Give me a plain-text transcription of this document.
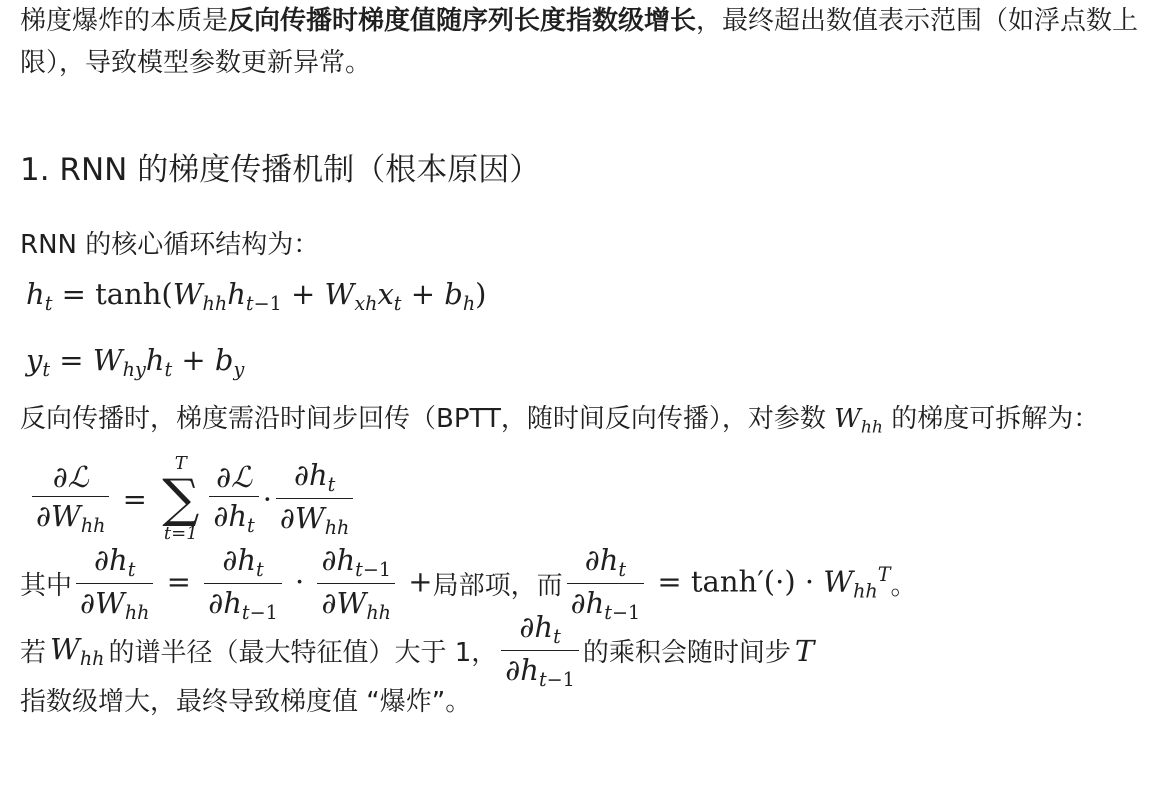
梯度爆炸的本质是反向传播时梯度值随序列长度指数级增长，最终超出数值表示范围（如浮点数上限），导致模型参数更新异常。

1. RNN 的梯度传播机制（根本原因）

RNN 的核心循环结构为：

$h_t = \tanh(W_{hh}h_{t-1} + W_{xh}x_t + b_h)$
$y_t = W_{hy}h_t + b_y$

反向传播时，梯度需沿时间步回传（BPTT，随时间反向传播），对参数 $W_{hh}$ 的梯度可拆解为：

$\frac{\text{∂ℒ}}{\partial W_{hh}}$ =
T
∑
$t=1 \frac{\text{∂ℒ}}{\partial h_t} \cdot \frac{\partial h_t}{\partial W_{hh}}$
其中 $\frac{\partial h_t}{\partial W_{hh}} = \frac{\partial h_t}{\partial h_{t-1}} \cdot \frac{\partial h_{t-1}}{\partial W_{hh}}$ + 局部项 ，而 $\frac{\partial h_t}{\partial h_{t-1}} = \tanh'(\cdot) \cdot W_{hh}^T$ 。
若 $W_{hh}$ 的谱半径（最大特征值）大于 1， $\frac{\partial h_t}{\partial h_{t-1}}$ 的乘积会随时间步 T

指数级增大，最终导致梯度值 “爆炸”。
